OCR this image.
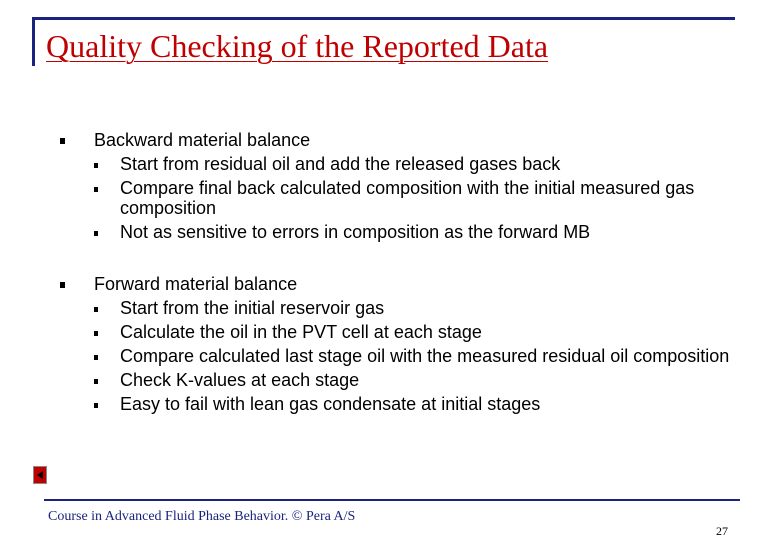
Quality Checking of the Reported Data
Backward material balance
Start from residual oil and add the released gases back
Compare final back calculated composition with the initial measured gas composition
Not as sensitive to errors in composition as the forward MB
Forward material balance
Start from the initial reservoir gas
Calculate the oil in the PVT cell at each stage
Compare calculated last stage oil with the measured residual oil composition
Check K-values at each stage
Easy to fail with lean gas condensate at initial stages
Course in Advanced Fluid Phase Behavior. © Pera A/S
27
